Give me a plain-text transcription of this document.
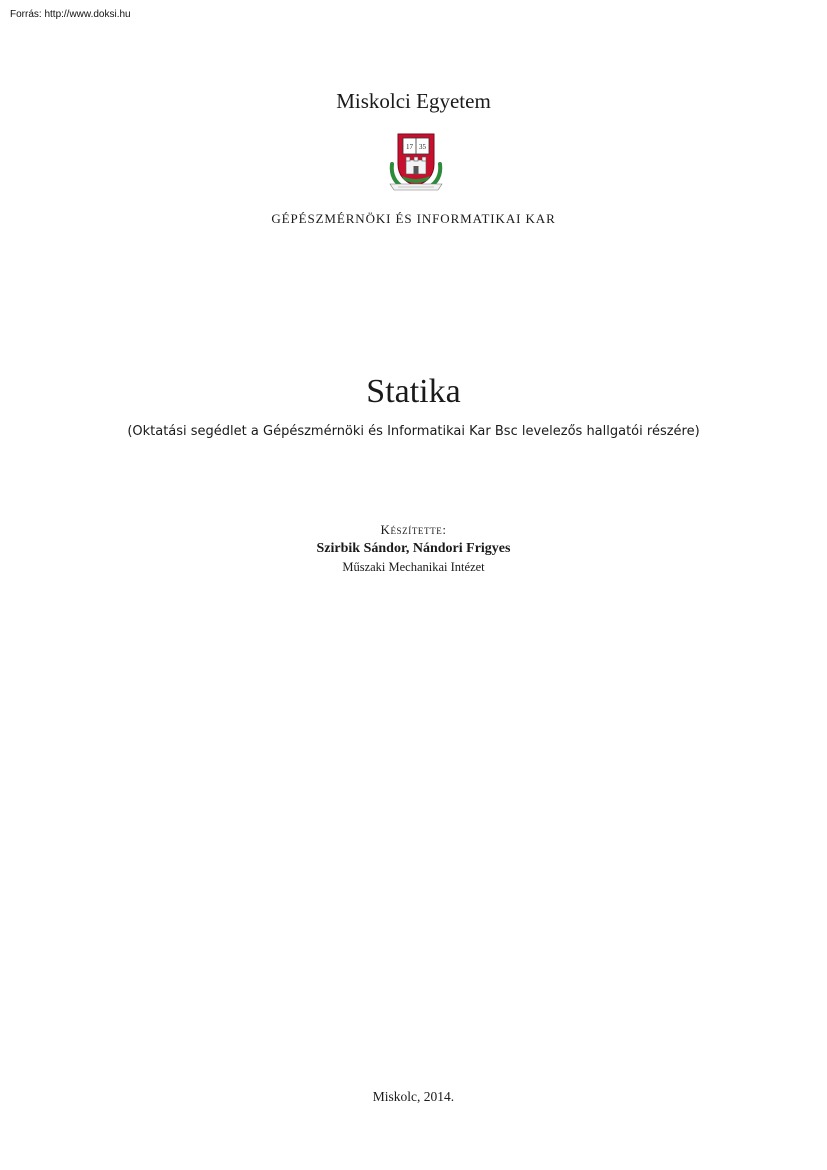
Forrás: http://www.doksi.hu
Miskolci Egyetem
17 35
GÉPÉSZMÉRNÖKI ÉS INFORMATIKAI KAR
Statika
(Oktatási segédlet a Gépészmérnöki és Informatikai Kar Bsc levelezős hallgatói részére)
Készítette:
Szirbik Sándor, Nándori Frigyes
Műszaki Mechanikai Intézet
Miskolc, 2014.
